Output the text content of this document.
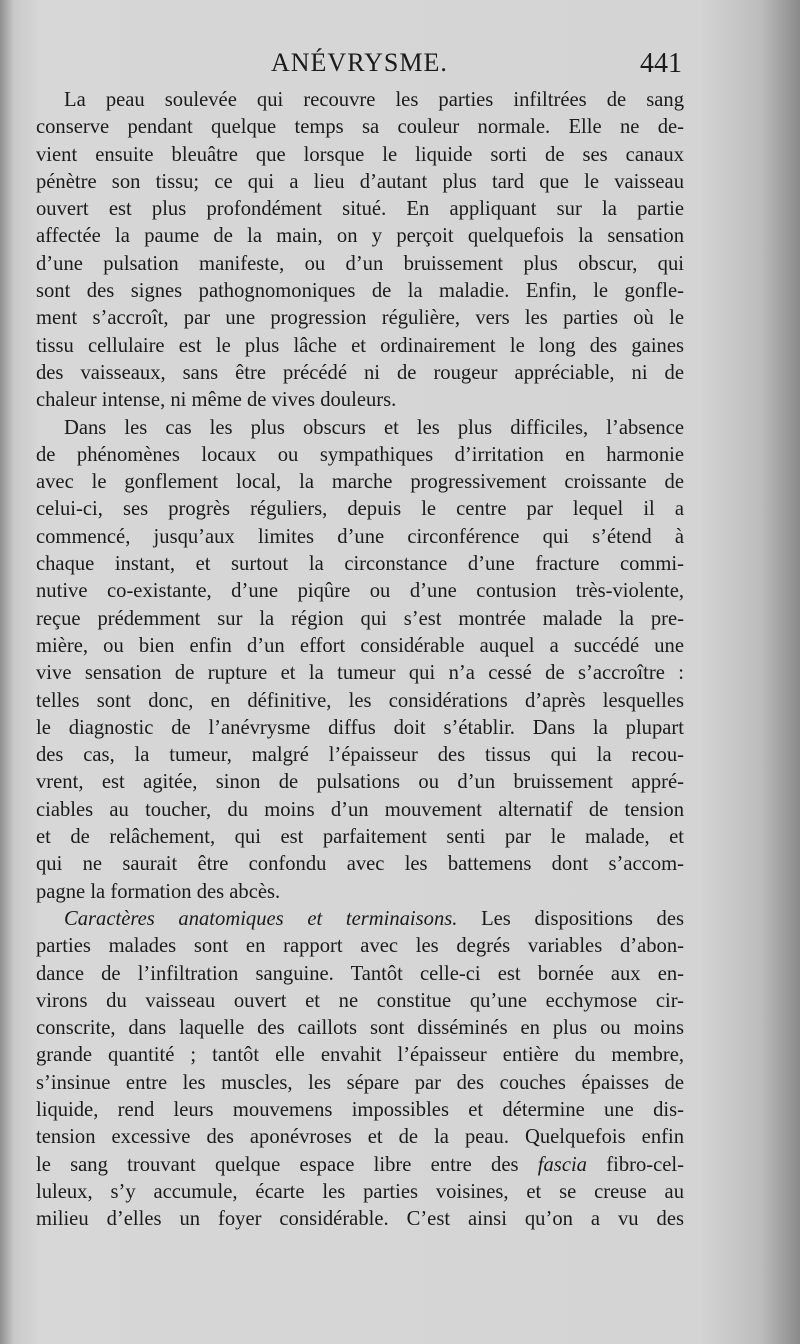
ANÉVRYSME.	441
La peau soulevée qui recouvre les parties infiltrées de sang
conserve pendant quelque temps sa couleur normale. Elle ne de-
vient ensuite bleuâtre que lorsque le liquide sorti de ses canaux
pénètre son tissu; ce qui a lieu d’autant plus tard que le vaisseau
ouvert est plus profondément situé. En appliquant sur la partie
affectée la paume de la main, on y perçoit quelquefois la sensation
d’une pulsation manifeste, ou d’un bruissement plus obscur, qui
sont des signes pathognomoniques de la maladie. Enfin, le gonfle-
ment s’accroît, par une progression régulière, vers les parties où le
tissu cellulaire est le plus lâche et ordinairement le long des gaines
des vaisseaux, sans être précédé ni de rougeur appréciable, ni de
chaleur intense, ni même de vives douleurs.
Dans les cas les plus obscurs et les plus difficiles, l’absence
de phénomènes locaux ou sympathiques d’irritation en harmonie
avec le gonflement local, la marche progressivement croissante de
celui-ci, ses progrès réguliers, depuis le centre par lequel il a
commencé, jusqu’aux limites d’une circonférence qui s’étend à
chaque instant, et surtout la circonstance d’une fracture commi-
nutive co-existante, d’une piqûre ou d’une contusion très-violente,
reçue prédemment sur la région qui s’est montrée malade la pre-
mière, ou bien enfin d’un effort considérable auquel a succédé une
vive sensation de rupture et la tumeur qui n’a cessé de s’accroître :
telles sont donc, en définitive, les considérations d’après lesquelles
le diagnostic de l’anévrysme diffus doit s’établir. Dans la plupart
des cas, la tumeur, malgré l’épaisseur des tissus qui la recou-
vrent, est agitée, sinon de pulsations ou d’un bruissement appré-
ciables au toucher, du moins d’un mouvement alternatif de tension
et de relâchement, qui est parfaitement senti par le malade, et
qui ne saurait être confondu avec les battemens dont s’accom-
pagne la formation des abcès.
Caractères anatomiques et terminaisons. Les dispositions des
parties malades sont en rapport avec les degrés variables d’abon-
dance de l’infiltration sanguine. Tantôt celle-ci est bornée aux en-
virons du vaisseau ouvert et ne constitue qu’une ecchymose cir-
conscrite, dans laquelle des caillots sont disséminés en plus ou moins
grande quantité ; tantôt elle envahit l’épaisseur entière du membre,
s’insinue entre les muscles, les sépare par des couches épaisses de
liquide, rend leurs mouvemens impossibles et détermine une dis-
tension excessive des aponévroses et de la peau. Quelquefois enfin
le sang trouvant quelque espace libre entre des fascia fibro-cel-
luleux, s’y accumule, écarte les parties voisines, et se creuse au
milieu d’elles un foyer considérable. C’est ainsi qu’on a vu des
